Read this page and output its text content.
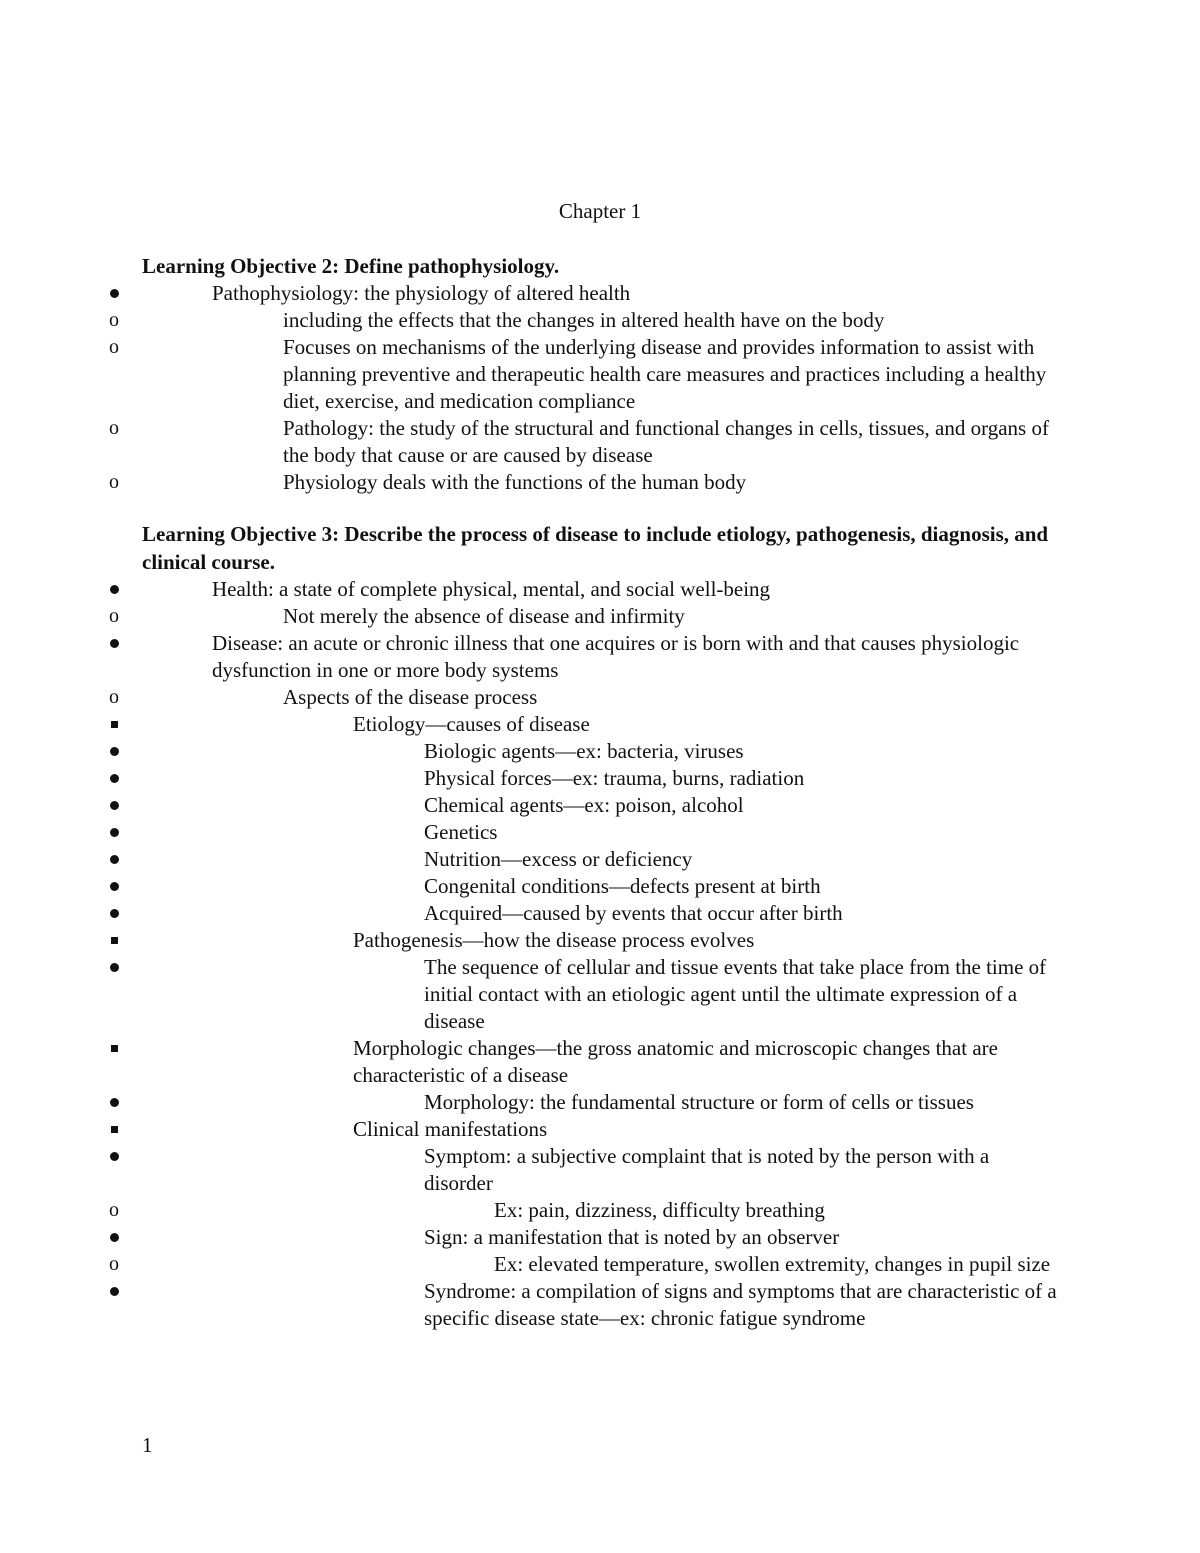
Chapter 1

Learning Objective 2: Define pathophysiology.

Pathophysiology: the physiology of altered health
o	including the effects that the changes in altered health have on the body
o	Focuses on mechanisms of the underlying disease and provides information to assist with planning preventive and therapeutic health care measures and practices including a healthy diet, exercise, and medication compliance
o	Pathology: the study of the structural and functional changes in cells, tissues, and organs of the body that cause or are caused by disease
o	Physiology deals with the functions of the human body

Learning Objective 3: Describe the process of disease to include etiology, pathogenesis, diagnosis, and clinical course.

Health: a state of complete physical, mental, and social well-being
o	Not merely the absence of disease and infirmity
Disease: an acute or chronic illness that one acquires or is born with and that causes physiologic dysfunction in one or more body systems
o	Aspects of the disease process
Etiology—causes of disease
Biologic agents—ex: bacteria, viruses
Physical forces—ex: trauma, burns, radiation
Chemical agents—ex: poison, alcohol
Genetics
Nutrition—excess or deficiency
Congenital conditions—defects present at birth
Acquired—caused by events that occur after birth
Pathogenesis—how the disease process evolves
The sequence of cellular and tissue events that take place from the time of initial contact with an etiologic agent until the ultimate expression of a disease
Morphologic changes—the gross anatomic and microscopic changes that are characteristic of a disease
Morphology: the fundamental structure or form of cells or tissues
Clinical manifestations
Symptom: a subjective complaint that is noted by the person with a disorder
o	Ex: pain, dizziness, difficulty breathing
Sign: a manifestation that is noted by an observer
o	Ex: elevated temperature, swollen extremity, changes in pupil size
Syndrome: a compilation of signs and symptoms that are characteristic of a specific disease state—ex: chronic fatigue syndrome
1
